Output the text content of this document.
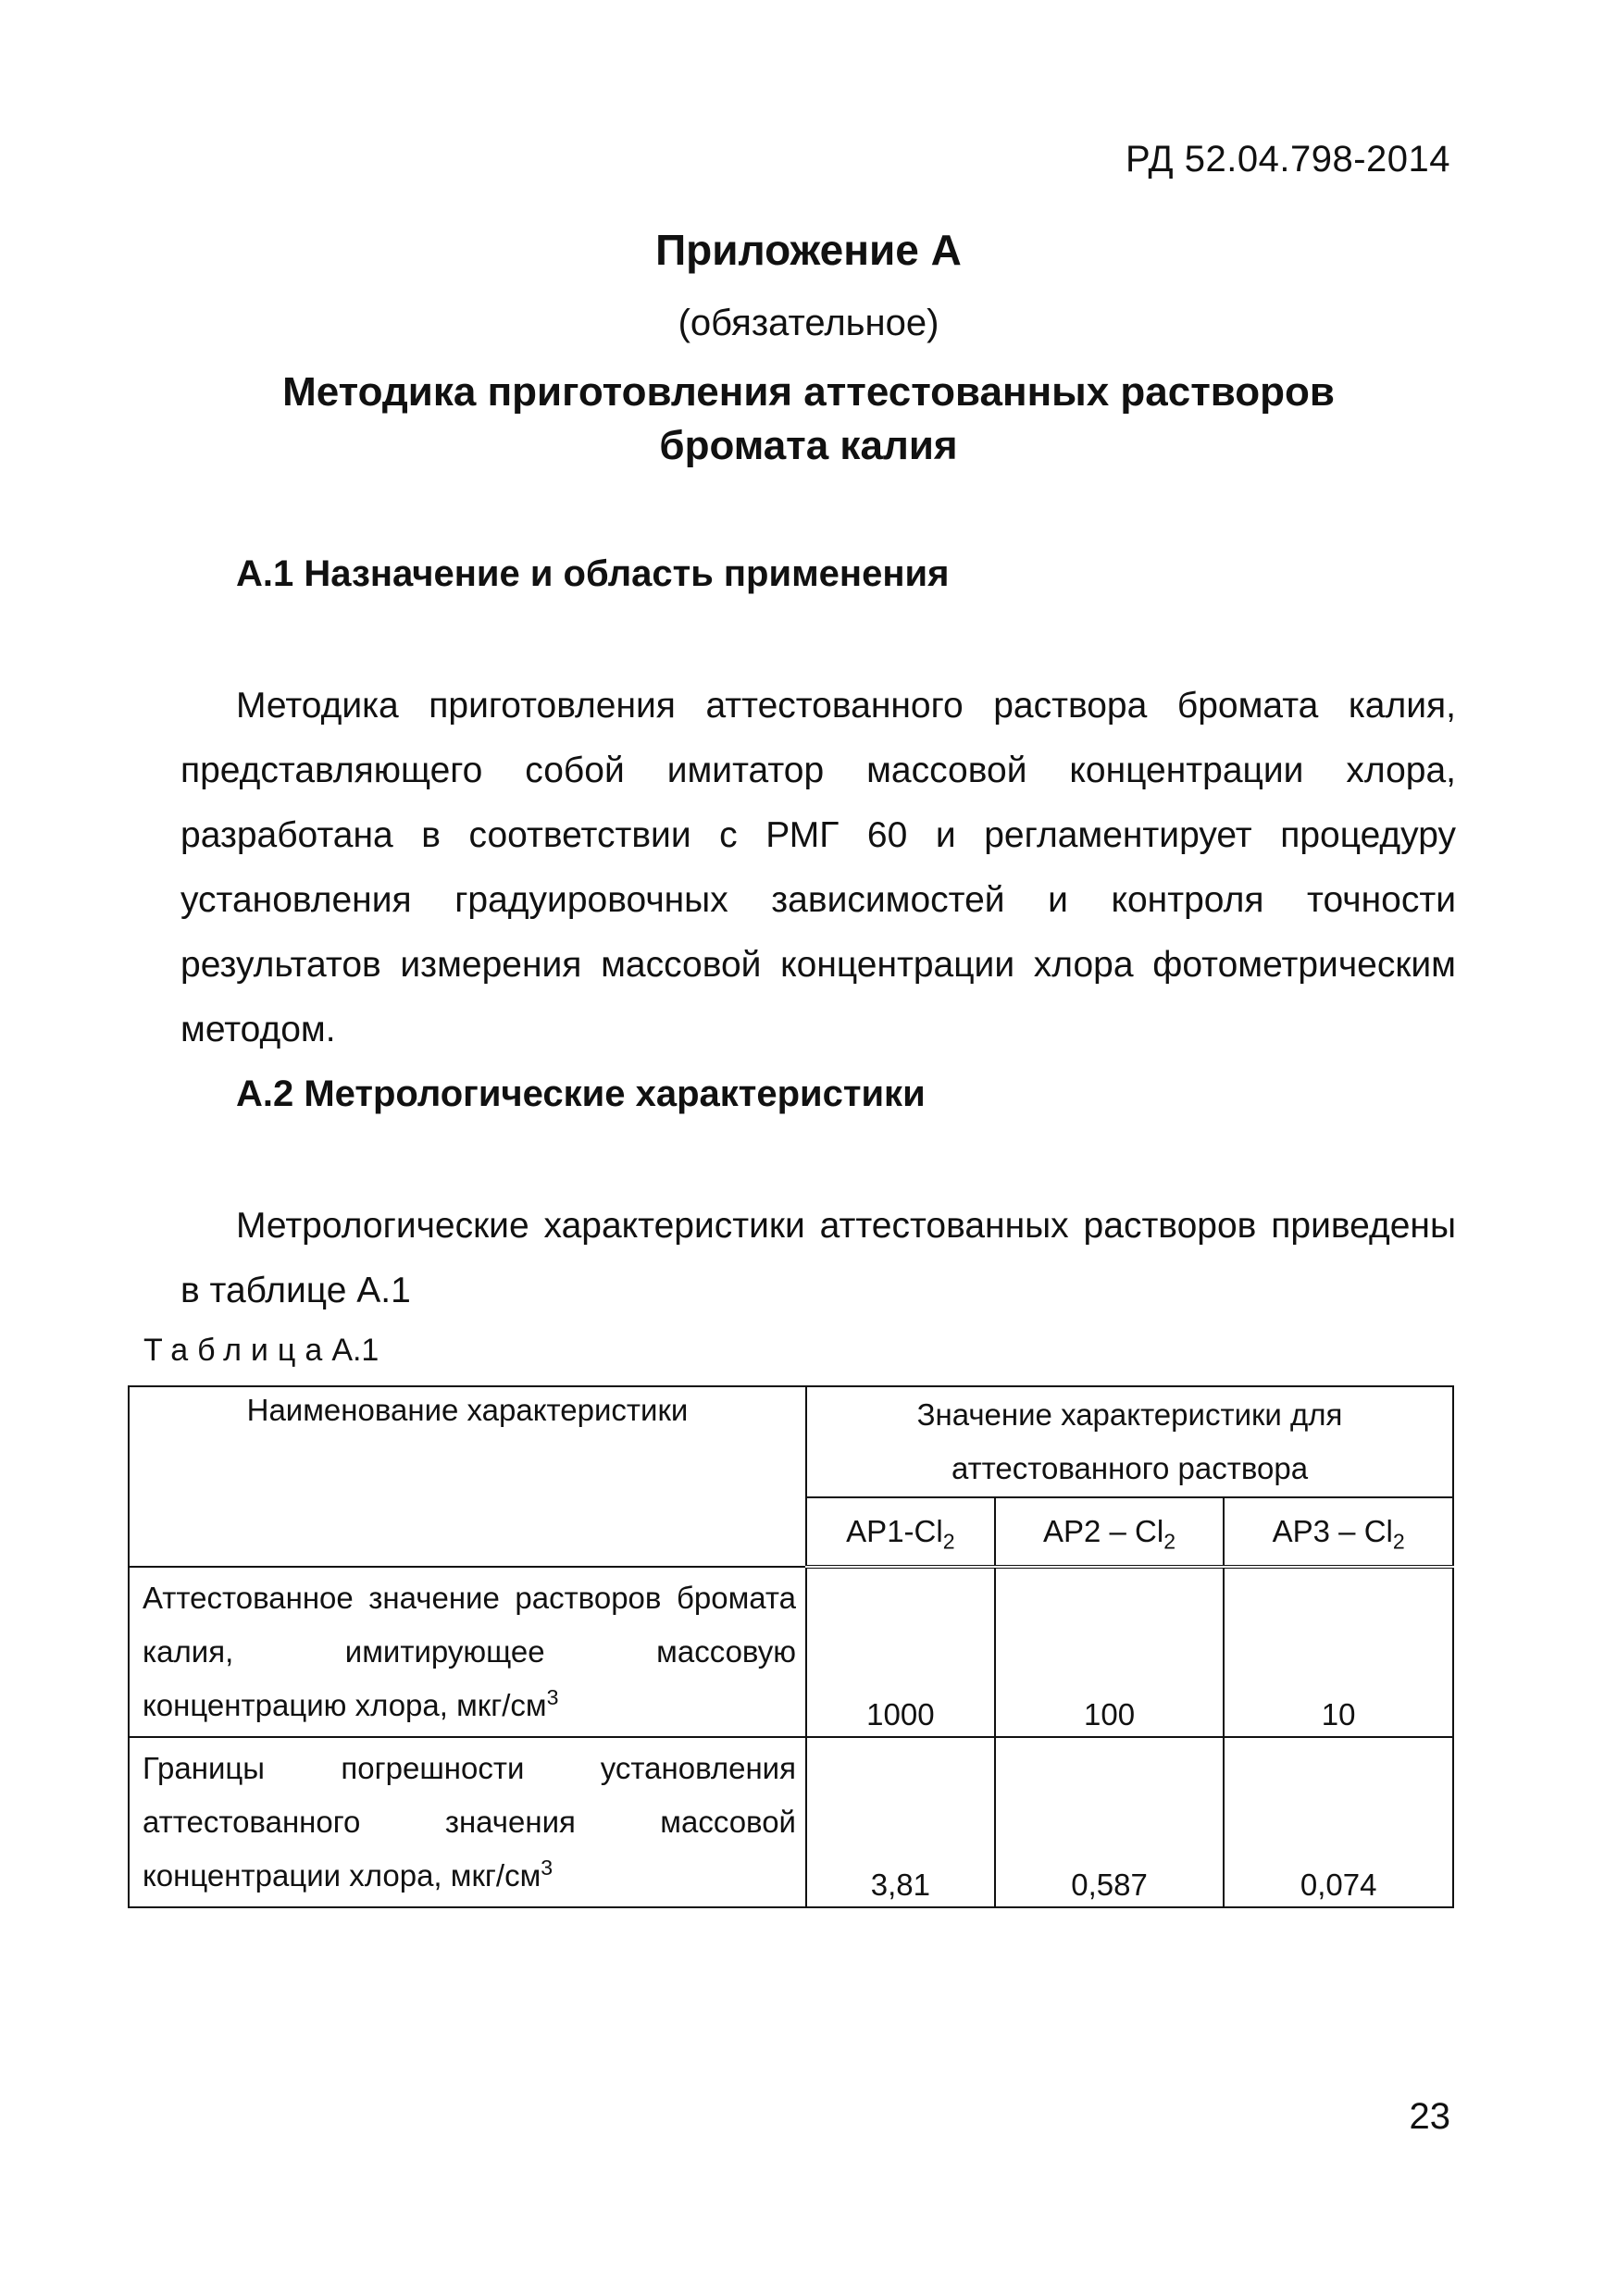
РД 52.04.798-2014
Приложение А
(обязательное)
Методика приготовления аттестованных растворов
бромата калия
А.1 Назначение и область применения
Методика приготовления аттестованного раствора бромата калия, представляющего собой имитатор массовой концентрации хлора, разработана в соответствии с РМГ 60 и регламентирует процедуру установления градуировочных зависимостей и контроля точности результатов измерения массовой концентрации хлора фотометрическим методом.
А.2 Метрологические характеристики
Метрологические характеристики аттестованных растворов приведены в таблице А.1
ТаблицаА.1
Наименование характеристики	Значение характеристики для аттестованного раствора		

	$АР1-Cl_2$	$АР2 - Cl_2$	$АР3 - Cl_2$
Аттестованное значение растворов бромата калия, имитирующее массовую концентрацию хлора, мкг/$см^3$	1000	100	10
Границы погрешности установления аттестованного значения массовой концентрации хлора, мкг/$см^3$	3,81	0,587	0,074
23
